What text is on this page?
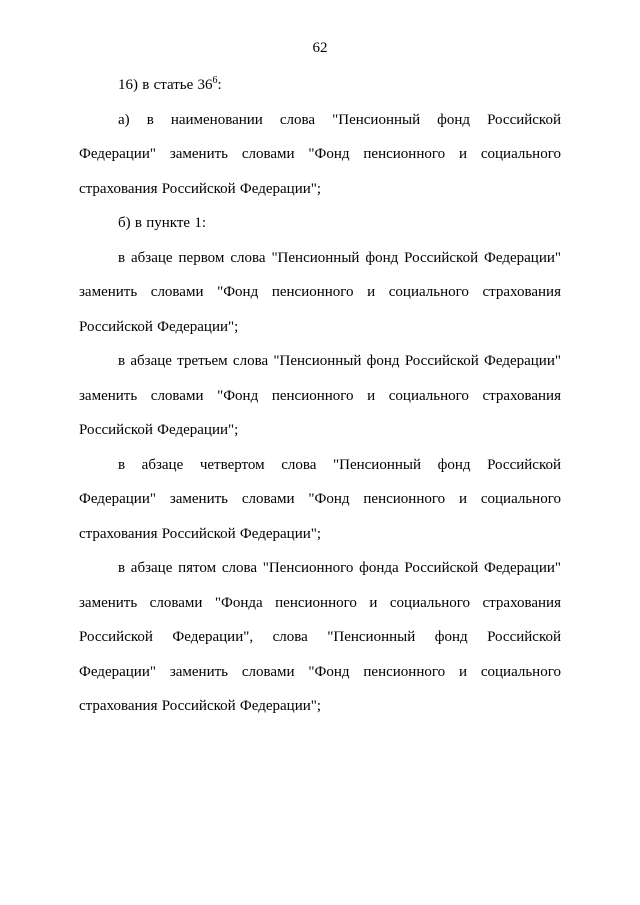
62

16) в статье $36^6$:

а) в наименовании слова "Пенсионный фонд Российской Федерации" заменить словами "Фонд пенсионного и социального страхования Российской Федерации";

б) в пункте 1:

в абзаце первом слова "Пенсионный фонд Российской Федерации" заменить словами "Фонд пенсионного и социального страхования Российской Федерации";

в абзаце третьем слова "Пенсионный фонд Российской Федерации" заменить словами "Фонд пенсионного и социального страхования Российской Федерации";

в абзаце четвертом слова "Пенсионный фонд Российской Федерации" заменить словами "Фонд пенсионного и социального страхования Российской Федерации";

в абзаце пятом слова "Пенсионного фонда Российской Федерации" заменить словами "Фонда пенсионного и социального страхования Российской Федерации", слова "Пенсионный фонд Российской Федерации" заменить словами "Фонд пенсионного и социального страхования Российской Федерации";
